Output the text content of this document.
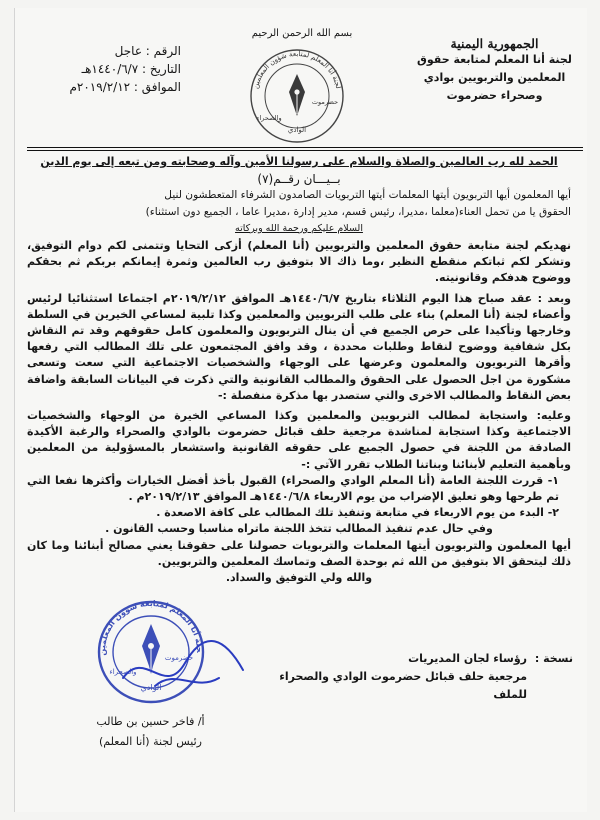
الجمهورية اليمنية
لجنة أنا المعلم لمتابعة حقوق
المعلمين والتربويين بوادي
وصحراء حضرموت
بسم الله الرحمن الرحيم
لجنة أنا المعلم لمتابعة شؤون المعلمين
والصحراء
حضرموت
الوادي
الرقم : عاجل
التاريخ : ١٤٤٠/٦/٧هـ
الموافق : ٢٠١٩/٢/١٢م
الحمد لله رب العالمين والصلاة والسلام على رسولنا الأمين وآله وصحابته ومن تبعه إلى يوم الدين
بــيـــان رقــم(٧)
أيها المعلمون أيها التربويون أيتها المعلمات أيتها التربويات الصامدون الشرفاء المتعطشون لنيل
الحقوق يا من تحمل العناء(معلما ،مديرا، رئيس قسم، مدير إدارة ،مديرا عاما ، الجميع دون استثناء)
السلام عليكم ورحمة الله وبركاته

نهديكم لجنة متابعة حقوق المعلمين والتربويين (أنا المعلم) أزكى التحايا وتتمنى لكم دوام التوفيق، وتشكر لكم ثباتكم منقطع النظير ،وما ذاك الا بتوفيق رب العالمين وثمرة إيمانكم بربكم ثم بحقكم ووضوح هدفكم وقانونيته.

وبعد : عقد صباح هذا اليوم الثلاثاء بتاريخ ١٤٤٠/٦/٧هـ الموافق ٢٠١٩/٢/١٢م اجتماعا استثنائيا لرئيس وأعضاء لجنة (أنا المعلم) بناء على طلب التربويين والمعلمين وكذا تلبية لمساعي الخيرين في السلطة وخارجها وتأكيدا على حرص الجميع في أن ينال التربويون والمعلمون كامل حقوقهم وقد تم النقاش بكل شفافية ووضوح لنقاط وطلبات محددة ، وقد وافق المجتمعون على تلك المطالب التي رفعها وأقرها التربويون والمعلمون وعرضها على الوجهاء والشخصيات الاجتماعية التي سعت وتسعى مشكورة من اجل الحصول على الحقوق والمطالب القانونية والتي ذكرت في البيانات السابقة واضافة بعض النقاط والمطالب الاخرى والتي ستصدر بها مذكرة منفصلة :-

وعليه: واستجابة لمطالب التربويين والمعلمين وكذا المساعي الخيرة من الوجهاء والشخصيات الاجتماعية وكذا استجابة لمناشدة مرجعية حلف قبائل حضرموت بالوادي والصحراء والرغبة الأكيدة الصادقة من اللجنة في حصول الجميع على حقوقه القانونية واستشعار بالمسؤولية من المعلمين وبأهمية التعليم لأبنائنا وبناتنا الطلاب تقرر الآتي :-

١- قررت اللجنة العامة (أنا المعلم الوادي والصحراء) القبول بأخذ أفضل الخيارات وأكثرها نفعا التي تم طرحها وهو تعليق الإضراب من يوم الاربعاء ١٤٤٠/٦/٨هـ الموافق ٢٠١٩/٢/١٣م .

٢- البدء من يوم الاربعاء في متابعة وتنفيذ تلك المطالب على كافة الاصعدة .

وفي حال عدم تنفيذ المطالب تتخذ اللجنة ماتراه مناسبا وحسب القانون .

أيها المعلمون والتربويون أيتها المعلمات والتربويات حصولنا على حقوقنا يعني مصالح أبنائنا وما كان ذلك ليتحقق الا بتوفيق من الله ثم بوحدة الصف وتماسك المعلمين والتربويين.

والله ولي التوفيق والسداد.

نسخة :
رؤساء لجان المديريات
مرجعية حلف قبائل حضرموت الوادي والصحراء
للملف
جنة أنا المعلم لمتابعة شؤون المعلمين
والصحراء
حضرموت
الوادي
أ/ فاخر حسين بن طالب
رئيس لجنة (أنا المعلم)
